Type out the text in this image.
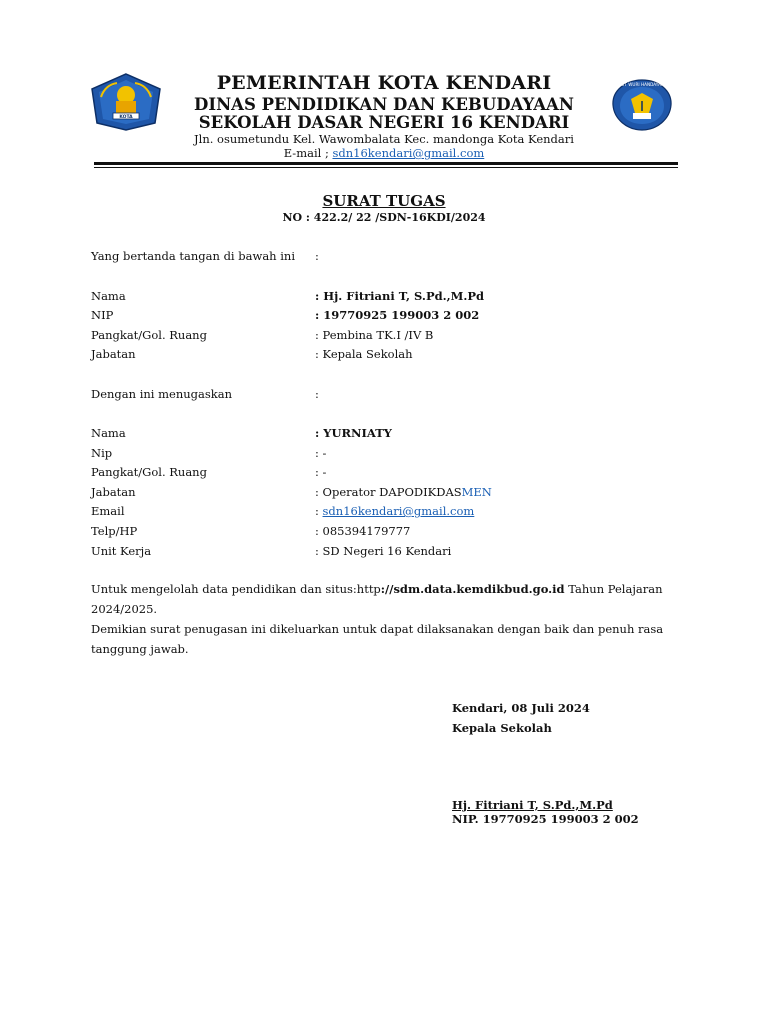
KOTA
TUT WURI HANDAYANI
PEMERINTAH KOTA KENDARI
DINAS PENDIDIKAN DAN KEBUDAYAAN
SEKOLAH DASAR NEGERI 16 KENDARI
Jln. osumetundu Kel. Wawombalata Kec. mandonga Kota Kendari
E-mail ; sdn16kendari@gmail.com
SURAT TUGAS
NO : 422.2/ 22 /SDN-16KDI/2024
Yang bertanda tangan di bawah ini :
Nama	: Hj. Fitriani T, S.Pd.,M.Pd
NIP	: 19770925 199003 2 002
Pangkat/Gol. Ruang	: Pembina TK.I /IV B
Jabatan	: Kepala Sekolah
Dengan ini menugaskan	:
Nama	: YURNIATY
Nip	: -
Pangkat/Gol. Ruang	: -
Jabatan	: Operator DAPODIKDASMEN
Email	: sdn16kendari@gmail.com
Telp/HP	: 085394179777
Unit Kerja	: SD Negeri 16 Kendari
Untuk mengelolah data pendidikan dan situs:http://sdm.data.kemdikbud.go.id Tahun Pelajaran 2024/2025.
Demikian surat penugasan ini dikeluarkan untuk dapat dilaksanakan dengan baik dan penuh rasa tanggung jawab.
Kendari, 08 Juli 2024
Kepala Sekolah
Hj. Fitriani T, S.Pd.,M.Pd
NIP. 19770925 199003 2 002
